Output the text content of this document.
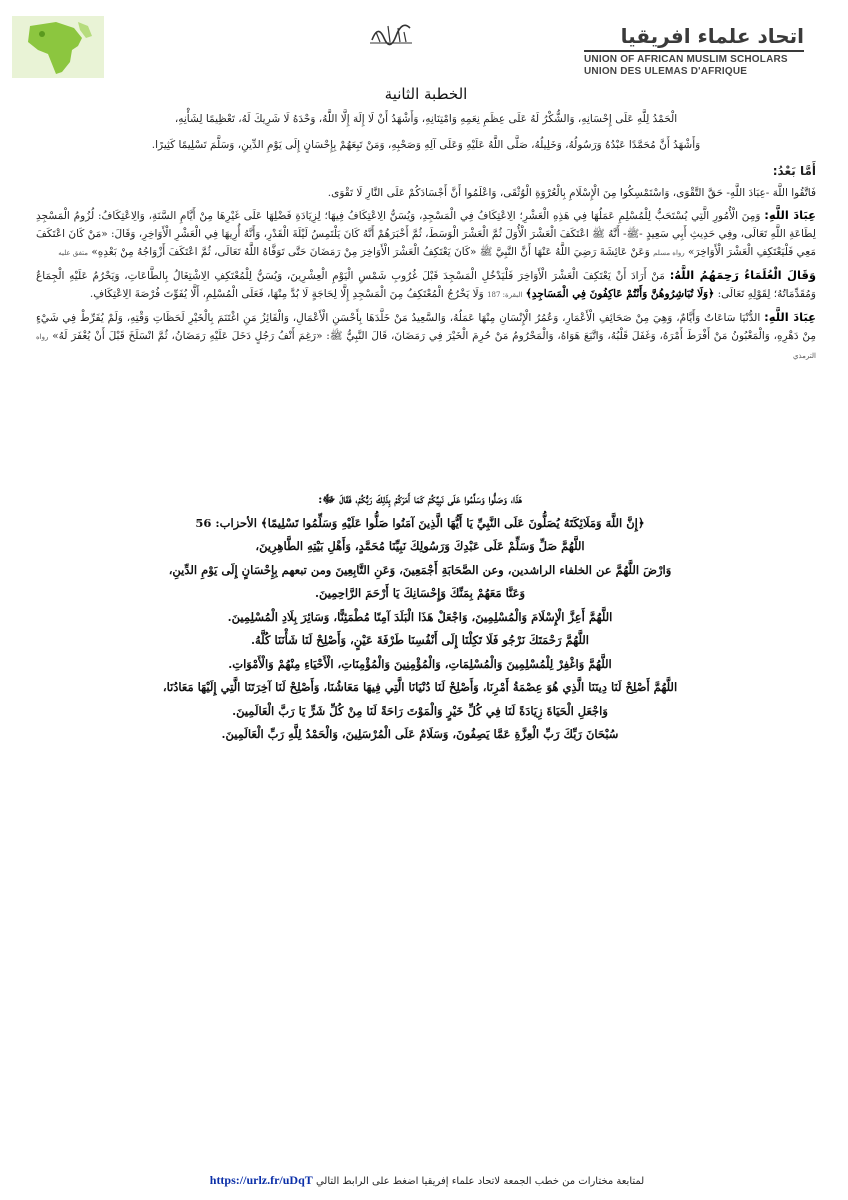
اتحاد علماء افريقيا
UNION OF AFRICAN MUSLIM SCHOLARS
UNION DES ULEMAS D'AFRIQUE
الخطبة الثانية

الْحَمْدُ لِلَّهِ عَلَى إِحْسَانِهِ، وَالشُّكْرُ لَهُ عَلَى عِظَمِ نِعَمِهِ وَامْتِنَانِهِ، وَأَشْهَدُ أَنْ لَا إِلَهَ إِلَّا اللَّهُ، وَحْدَهُ لَا شَرِيكَ لَهُ، تَعْظِيمًا لِشَأْنِهِ،

وَأَشْهَدُ أَنَّ مُحَمَّدًا عَبْدُهُ وَرَسُولُهُ، وَخَلِيلُهُ، صَلَّى اللَّهُ عَلَيْهِ وَعَلَى آلِهِ وَصَحْبِهِ، وَمَنْ تَبِعَهُمْ بِإِحْسَانٍ إِلَى يَوْمِ الدِّينِ، وَسَلَّمَ تَسْلِيمًا كَثِيرًا.

أَمَّا بَعْدُ:

فَاتَّقُوا اللَّهَ -عِبَادَ اللَّهِ- حَقَّ التَّقْوَى، وَاسْتَمْسِكُوا مِنَ الْإِسْلَامِ بِالْعُرْوَةِ الْوُثْقَى، وَاعْلَمُوا أَنَّ أَجْسَادَكُمْ عَلَى النَّارِ لَا تَقْوَى.

عِبَادَ اللَّهِ: وَمِنَ الْأُمُورِ الَّتِي يُسْتَحَبُّ لِلْمُسْلِمِ عَمَلُهَا فِي هَذِهِ الْعَشْرِ؛ الِاعْتِكَافُ فِي الْمَسْجِدِ، وَيُسَنُّ الِاعْتِكَافُ فِيهَا؛ لِزِيَادَةِ فَضْلِهَا عَلَى غَيْرِهَا مِنْ أَيَّامِ السَّنَةِ، وَالِاعْتِكَافُ: لُزُومُ الْمَسْجِدِ لِطَاعَةِ اللَّهِ تَعَالَى، وفِي حَدِيثِ أَبِي سَعِيدٍ -ﷺ- أَنَّهُ ﷺ اعْتَكَفَ الْعَشْرَ الْأُوَلَ ثُمَّ الْعَشْرَ الْوَسَطَ، ثُمَّ أَخْبَرَهُمْ أَنَّهُ كَانَ يَلْتَمِسُ لَيْلَةَ الْقَدْرِ، وَأَنَّهُ أُرِيهَا فِي الْعَشْرِ الْأَوَاخِرِ، وَقَالَ: «مَنْ كَانَ اعْتَكَفَ مَعِي فَلْيَعْتَكِفِ الْعَشْرَ الْأَوَاخِرَ» رواه مسلم وَعَنْ عَائِشَةَ رَضِيَ اللَّهُ عَنْهَا أَنَّ النَّبِيَّ ﷺ «كَانَ يَعْتَكِفُ الْعَشْرَ الْأَوَاخِرَ مِنْ رَمَضَانَ حَتَّى تَوَفَّاهُ اللَّهُ تَعَالَى، ثُمَّ اعْتَكَفَ أَزْوَاجُهُ مِنْ بَعْدِهِ» متفق عليه

وَقَالَ الْعُلَمَاءُ رَحِمَهُمُ اللَّهُ: مَنْ أَرَادَ أَنْ يَعْتَكِفَ الْعَشْرَ الْأَوَاخِرَ فَلْيَدْخُلِ الْمَسْجِدَ قَبْلَ غُرُوبِ شَمْسِ الْيَوْمِ الْعِشْرِينَ، وَيُسَنُّ لِلْمُعْتَكِفِ الِاشْتِغَالُ بِالطَّاعَاتِ، وَيَحْرُمُ عَلَيْهِ الْجِمَاعُ وَمُقَدِّمَاتُهُ؛ لِقَوْلِهِ تَعَالَى: ﴿وَلَا تُبَاشِرُوهُنَّ وَأَنْتُمْ عَاكِفُونَ فِي الْمَسَاجِدِ﴾ البقرة: 187 وَلَا يَخْرُجُ الْمُعْتَكِفُ مِنَ الْمَسْجِدِ إِلَّا لِحَاجَةٍ لَا بُدَّ مِنْهَا، فَعَلَى الْمُسْلِمِ، أَلَّا يُفَوِّتَ فُرْصَةَ الِاعْتِكَافِ.

عِبَادَ اللَّهِ: الدُّنْيَا سَاعَاتٌ وَأَيَّامٌ، وَهِيَ مِنْ صَحَائِفِ الْأَعْمَارِ، وَعُمُرُ الْإِنْسَانِ مِنْهَا عَمَلُهُ، وَالسَّعِيدُ مَنْ خَلَّدَهَا بِأَحْسَنِ الْأَعْمَالِ، وَالْفَائِزُ مَنِ اغْتَنَمَ بِالْخَيْرِ لَحَظَاتِ وَقْتِهِ، وَلَمْ يُفَرِّطْ فِي شَيْءٍ مِنْ دَهْرِهِ، وَالْمَغْبُونُ مَنْ أَفْرَطَ أَمْرَهُ، وَغَفَلَ قَلْبُهُ، وَاتَّبَعَ هَوَاهُ، وَالْمَحْرُومُ مَنْ حُرِمَ الْخَيْرَ فِي رَمَضَانَ، قَالَ النَّبِيُّ ﷺ: «رَغِمَ أَنْفُ رَجُلٍ دَخَلَ عَلَيْهِ رَمَضَانُ، ثُمَّ انْسَلَخَ قَبْلَ أَنْ يُغْفَرَ لَهُ» رواه الترمذي

هَذَا، وَصَلُّوا وَسَلِّمُوا عَلَى نَبِيِّكُمْ كَمَا أَمَرَكُمْ بِذَلِكَ رَبُّكُمْ، فَقَالَ ﷻ:

﴿إِنَّ اللَّهَ وَمَلَائِكَتَهُ يُصَلُّونَ عَلَى النَّبِيِّ يَا أَيُّهَا الَّذِينَ آمَنُوا صَلُّوا عَلَيْهِ وَسَلِّمُوا تَسْلِيمًا﴾ الأحزاب: 56

اللَّهُمَّ صَلِّ وَسَلِّمْ عَلَى عَبْدِكَ وَرَسُولِكَ نَبِيِّنَا مُحَمَّدٍ، وَأَهْلِ بَيْتِهِ الطَّاهِرِينَ،

وَارْضَ اللَّهُمَّ عن الخلفاء الراشدين، وعن الصَّحَابَةِ أَجْمَعِينَ، وَعَنِ التَّابِعِينَ ومن تبعهم بِإِحْسَانٍ إِلَى يَوْمِ الدِّينِ،

وَعَنَّا مَعَهُمْ بِمَنِّكَ وَإِحْسَانِكَ يَا أَرْحَمَ الرَّاحِمِينَ.

اللَّهُمَّ أَعِزَّ الْإِسْلَامَ وَالْمُسْلِمِينَ، وَاجْعَلْ هَذَا الْبَلَدَ آمِنًا مُطْمَئِنًّا، وَسَائِرَ بِلَادِ الْمُسْلِمِينَ.

اللَّهُمَّ رَحْمَتَكَ نَرْجُو فَلَا تَكِلْنَا إِلَى أَنْفُسِنَا طَرْفَةَ عَيْنٍ، وَأَصْلِحْ لَنَا شَأْنَنَا كُلَّهُ.

اللَّهُمَّ وَاغْفِرْ لِلْمُسْلِمِينَ وَالْمُسْلِمَاتِ، وَالْمُؤْمِنِينَ وَالْمُؤْمِنَاتِ، الْأَحْيَاءِ مِنْهُمْ وَالْأَمْوَاتِ.

اللَّهُمَّ أَصْلِحْ لَنَا دِينَنَا الَّذِي هُوَ عِصْمَةُ أَمْرِنَا، وَأَصْلِحْ لَنَا دُنْيَانَا الَّتِي فِيهَا مَعَاشُنَا، وَأَصْلِحْ لَنَا آخِرَتَنَا الَّتِي إِلَيْهَا مَعَادُنَا،

وَاجْعَلِ الْحَيَاةَ زِيَادَةً لَنَا فِي كُلِّ خَيْرٍ وَالْمَوْتَ رَاحَةً لَنَا مِنْ كُلِّ شَرٍّ يَا رَبَّ الْعَالَمِينَ.

سُبْحَانَ رَبِّكَ رَبِّ الْعِزَّةِ عَمَّا يَصِفُونَ، وَسَلَامٌ عَلَى الْمُرْسَلِينَ، وَالْحَمْدُ لِلَّهِ رَبِّ الْعَالَمِينَ.

https://urlz.fr/uDqT لمتابعة مختارات من خطب الجمعة لاتحاد علماء إفريقيا اضغط على الرابط التالي
